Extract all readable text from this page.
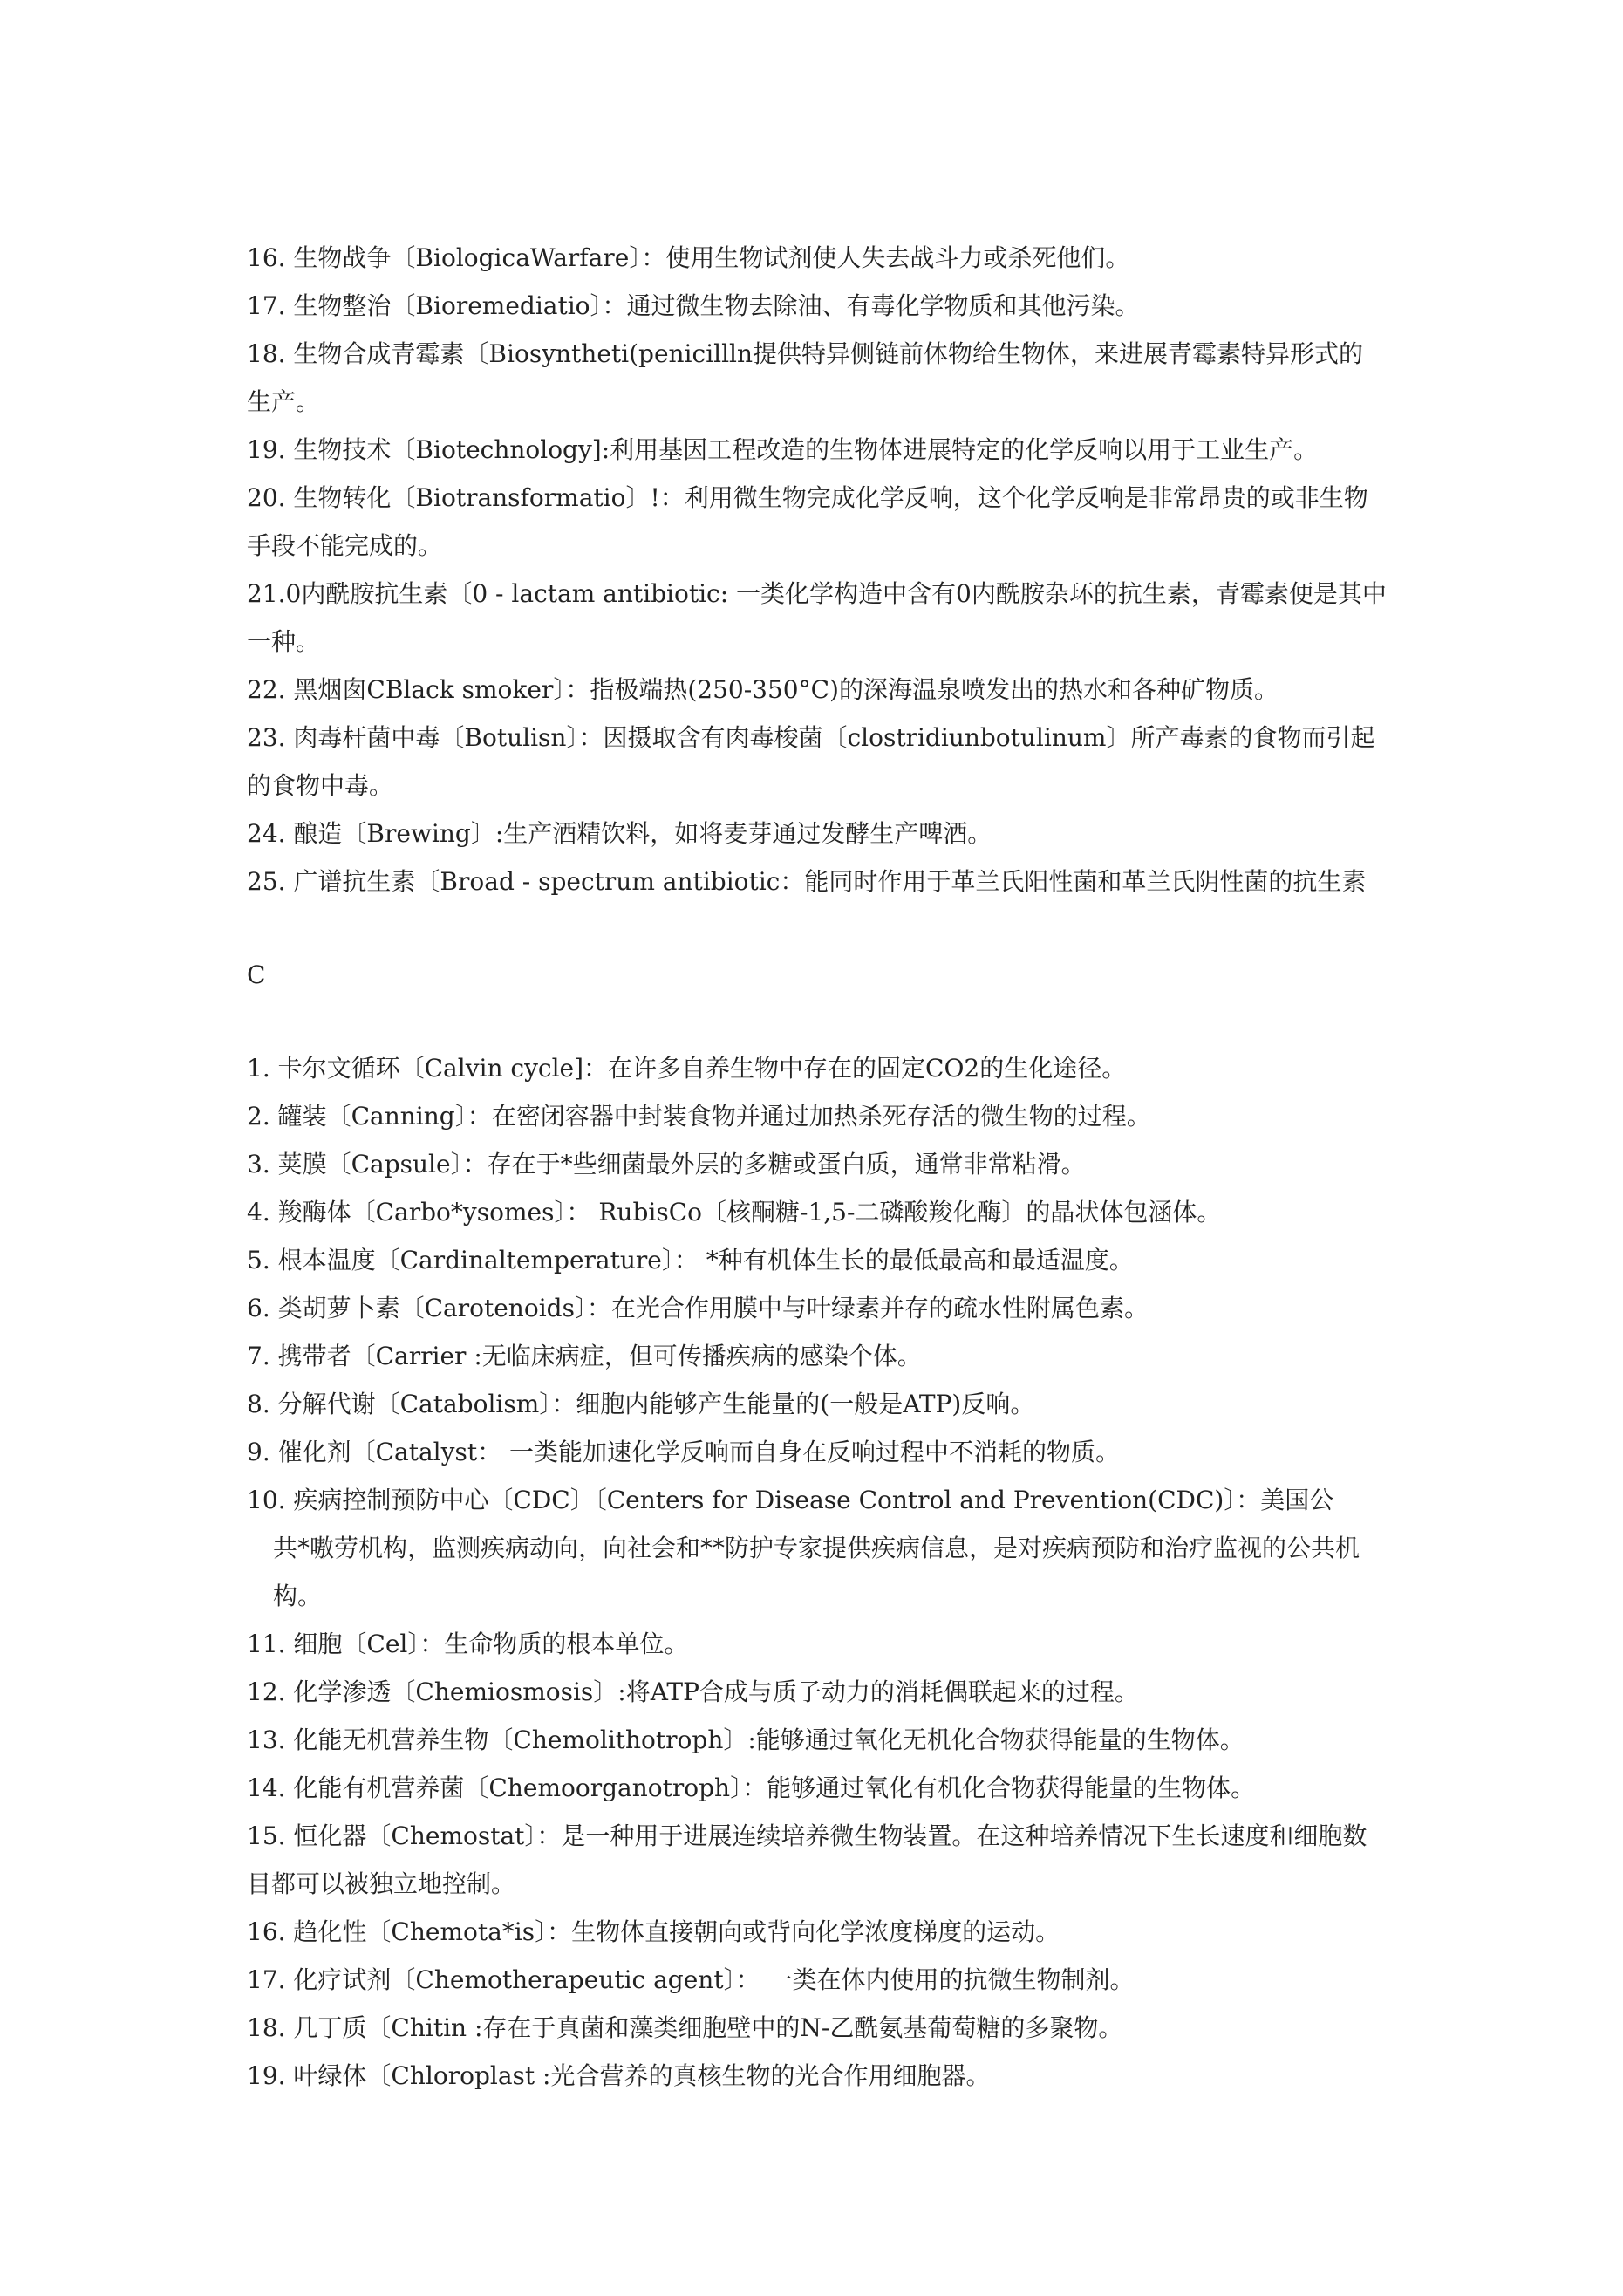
16. 生物战争〔BiologicaWarfare〕：使用生物试剂使人失去战斗力或杀死他们。
17. 生物整治〔Bioremediatio〕：通过微生物去除油、有毒化学物质和其他污染。
18. 生物合成青霉素〔Biosyntheti(penicillln提供特异侧链前体物给生物体，来进展青霉素特异形式的生产。
19. 生物技术〔Biotechnology]:利用基因工程改造的生物体进展特定的化学反响以用于工业生产。
20. 生物转化〔Biotransformatio〕!：利用微生物完成化学反响，这个化学反响是非常昂贵的或非生物手段不能完成的。
21.0内酰胺抗生素〔0 - lactam antibiotic: 一类化学构造中含有0内酰胺杂环的抗生素，青霉素便是其中一种。
22. 黑烟囱CBlack smoker〕：指极端热(250-350°C)的深海温泉喷发出的热水和各种矿物质。
23. 肉毒杆菌中毒〔Botulisn〕：因摄取含有肉毒梭菌〔clostridiunbotulinum〕所产毒素的食物而引起的食物中毒。
24. 酿造〔Brewing〕:生产酒精饮料，如将麦芽通过发酵生产啤酒。
25. 广谱抗生素〔Broad - spectrum antibiotic：能同时作用于革兰氏阳性菌和革兰氏阴性菌的抗生素
C
1. 卡尔文循环〔Calvin cycle]：在许多自养生物中存在的固定CO2的生化途径。
2. 罐装〔Canning〕：在密闭容器中封装食物并通过加热杀死存活的微生物的过程。
3. 荚膜〔Capsule〕：存在于*些细菌最外层的多糖或蛋白质，通常非常粘滑。
4. 羧酶体〔Carbo*ysomes〕： RubisCo〔核酮糖-1,5-二磷酸羧化酶〕的晶状体包涵体。
5. 根本温度〔Cardinaltemperature〕： *种有机体生长的最低最高和最适温度。
6. 类胡萝卜素〔Carotenoids〕：在光合作用膜中与叶绿素并存的疏水性附属色素。
7. 携带者〔Carrier :无临床病症，但可传播疾病的感染个体。
8. 分解代谢〔Catabolism〕：细胞内能够产生能量的(一般是ATP)反响。
9. 催化剂〔Catalyst： 一类能加速化学反响而自身在反响过程中不消耗的物质。
10. 疾病控制预防中心〔CDC〕〔Centers for Disease Control and Prevention(CDC)〕：美国公
共*嗷劳机构，监测疾病动向，向社会和**防护专家提供疾病信息，是对疾病预防和治疗监视的公共机构。
11. 细胞〔Cel〕：生命物质的根本单位。
12. 化学渗透〔Chemiosmosis〕:将ATP合成与质子动力的消耗偶联起来的过程。
13. 化能无机营养生物〔Chemolithotroph〕:能够通过氧化无机化合物获得能量的生物体。
14. 化能有机营养菌〔Chemoorganotroph〕：能够通过氧化有机化合物获得能量的生物体。
15. 恒化器〔Chemostat〕：是一种用于进展连续培养微生物装置。在这种培养情况下生长速度和细胞数目都可以被独立地控制。
16. 趋化性〔Chemota*is〕：生物体直接朝向或背向化学浓度梯度的运动。
17. 化疗试剂〔Chemotherapeutic agent〕： 一类在体内使用的抗微生物制剂。
18. 几丁质〔Chitin :存在于真菌和藻类细胞壁中的N-乙酰氨基葡萄糖的多聚物。
19. 叶绿体〔Chloroplast :光合营养的真核生物的光合作用细胞器。
